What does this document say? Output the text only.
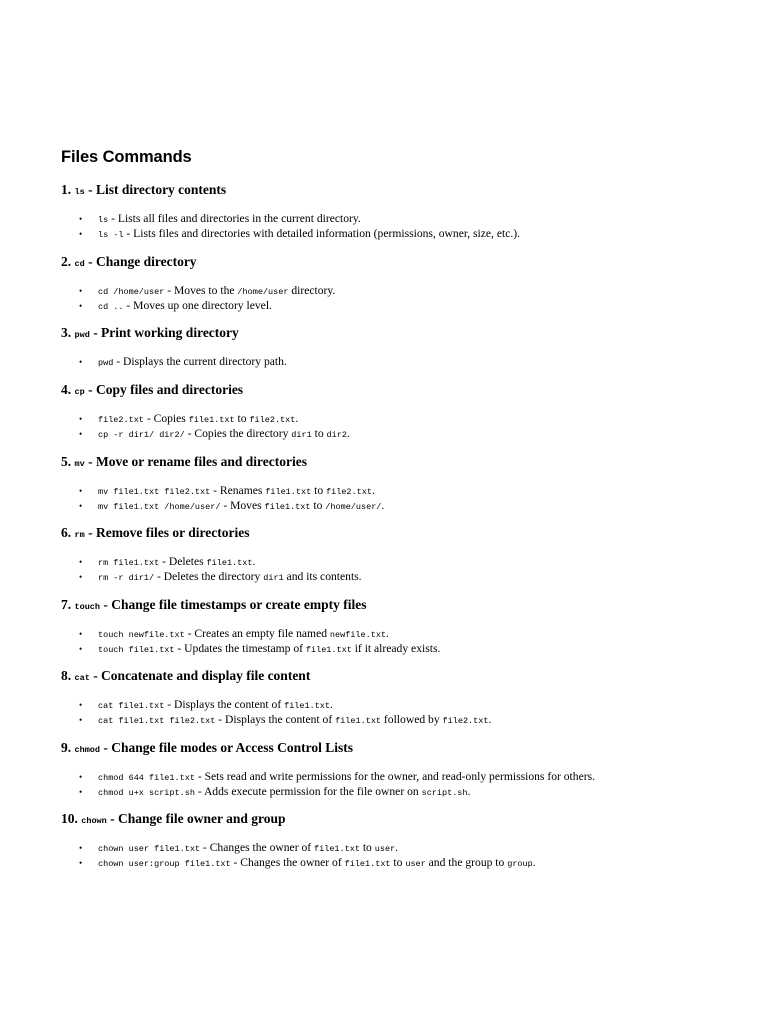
Files Commands
1. ls - List directory contents
• ls - Lists all files and directories in the current directory.
• ls -l - Lists files and directories with detailed information (permissions, owner, size, etc.).
2. cd - Change directory
• cd /home/user - Moves to the /home/user directory.
• cd .. - Moves up one directory level.
3. pwd - Print working directory
• pwd - Displays the current directory path.
4. cp - Copy files and directories
• file2.txt - Copies file1.txt to file2.txt.
• cp -r dir1/ dir2/ - Copies the directory dir1 to dir2.
5. mv - Move or rename files and directories
• mv file1.txt file2.txt - Renames file1.txt to file2.txt.
• mv file1.txt /home/user/ - Moves file1.txt to /home/user/.
6. rm - Remove files or directories
• rm file1.txt - Deletes file1.txt.
• rm -r dir1/ - Deletes the directory dir1 and its contents.
7. touch - Change file timestamps or create empty files
• touch newfile.txt - Creates an empty file named newfile.txt.
• touch file1.txt - Updates the timestamp of file1.txt if it already exists.
8. cat - Concatenate and display file content
• cat file1.txt - Displays the content of file1.txt.
• cat file1.txt file2.txt - Displays the content of file1.txt followed by file2.txt.
9. chmod - Change file modes or Access Control Lists
• chmod 644 file1.txt - Sets read and write permissions for the owner, and read-only permissions for others.
• chmod u+x script.sh - Adds execute permission for the file owner on script.sh.
10. chown - Change file owner and group
• chown user file1.txt - Changes the owner of file1.txt to user.
• chown user:group file1.txt - Changes the owner of file1.txt to user and the group to group.
